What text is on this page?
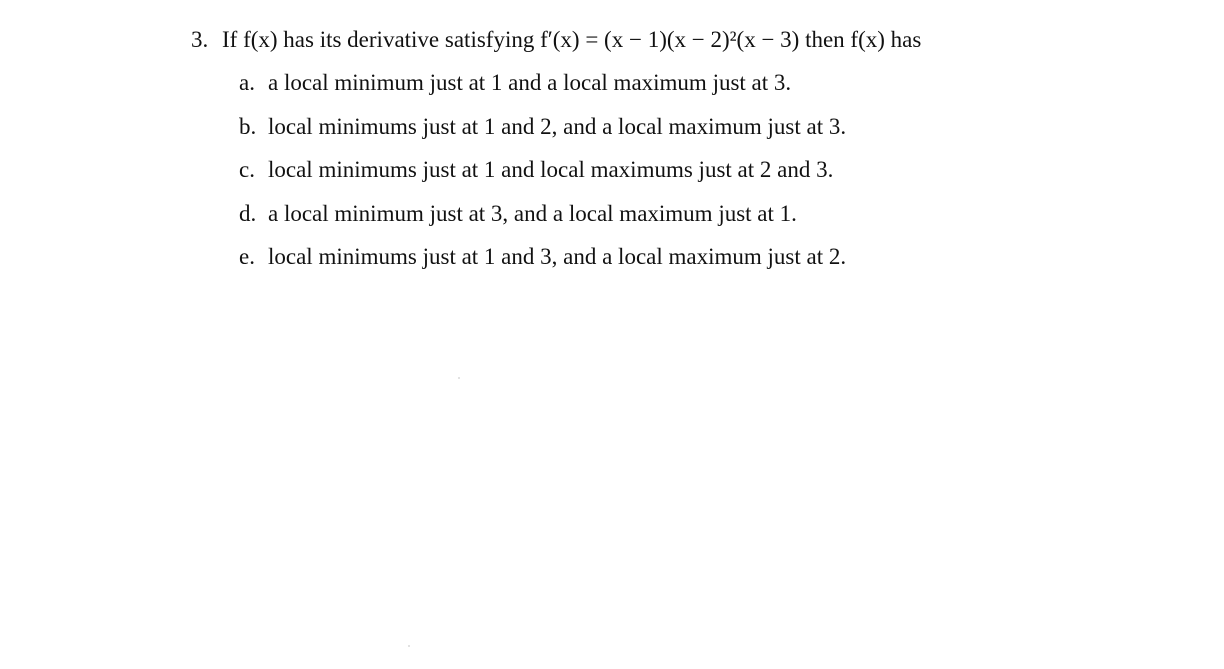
3. If f(x) has its derivative satisfying f′(x) = (x − 1)(x − 2)²(x − 3) then f(x) has
a. a local minimum just at 1 and a local maximum just at 3.
b. local minimums just at 1 and 2, and a local maximum just at 3.
c. local minimums just at 1 and local maximums just at 2 and 3.
d. a local minimum just at 3, and a local maximum just at 1.
e. local minimums just at 1 and 3, and a local maximum just at 2.
